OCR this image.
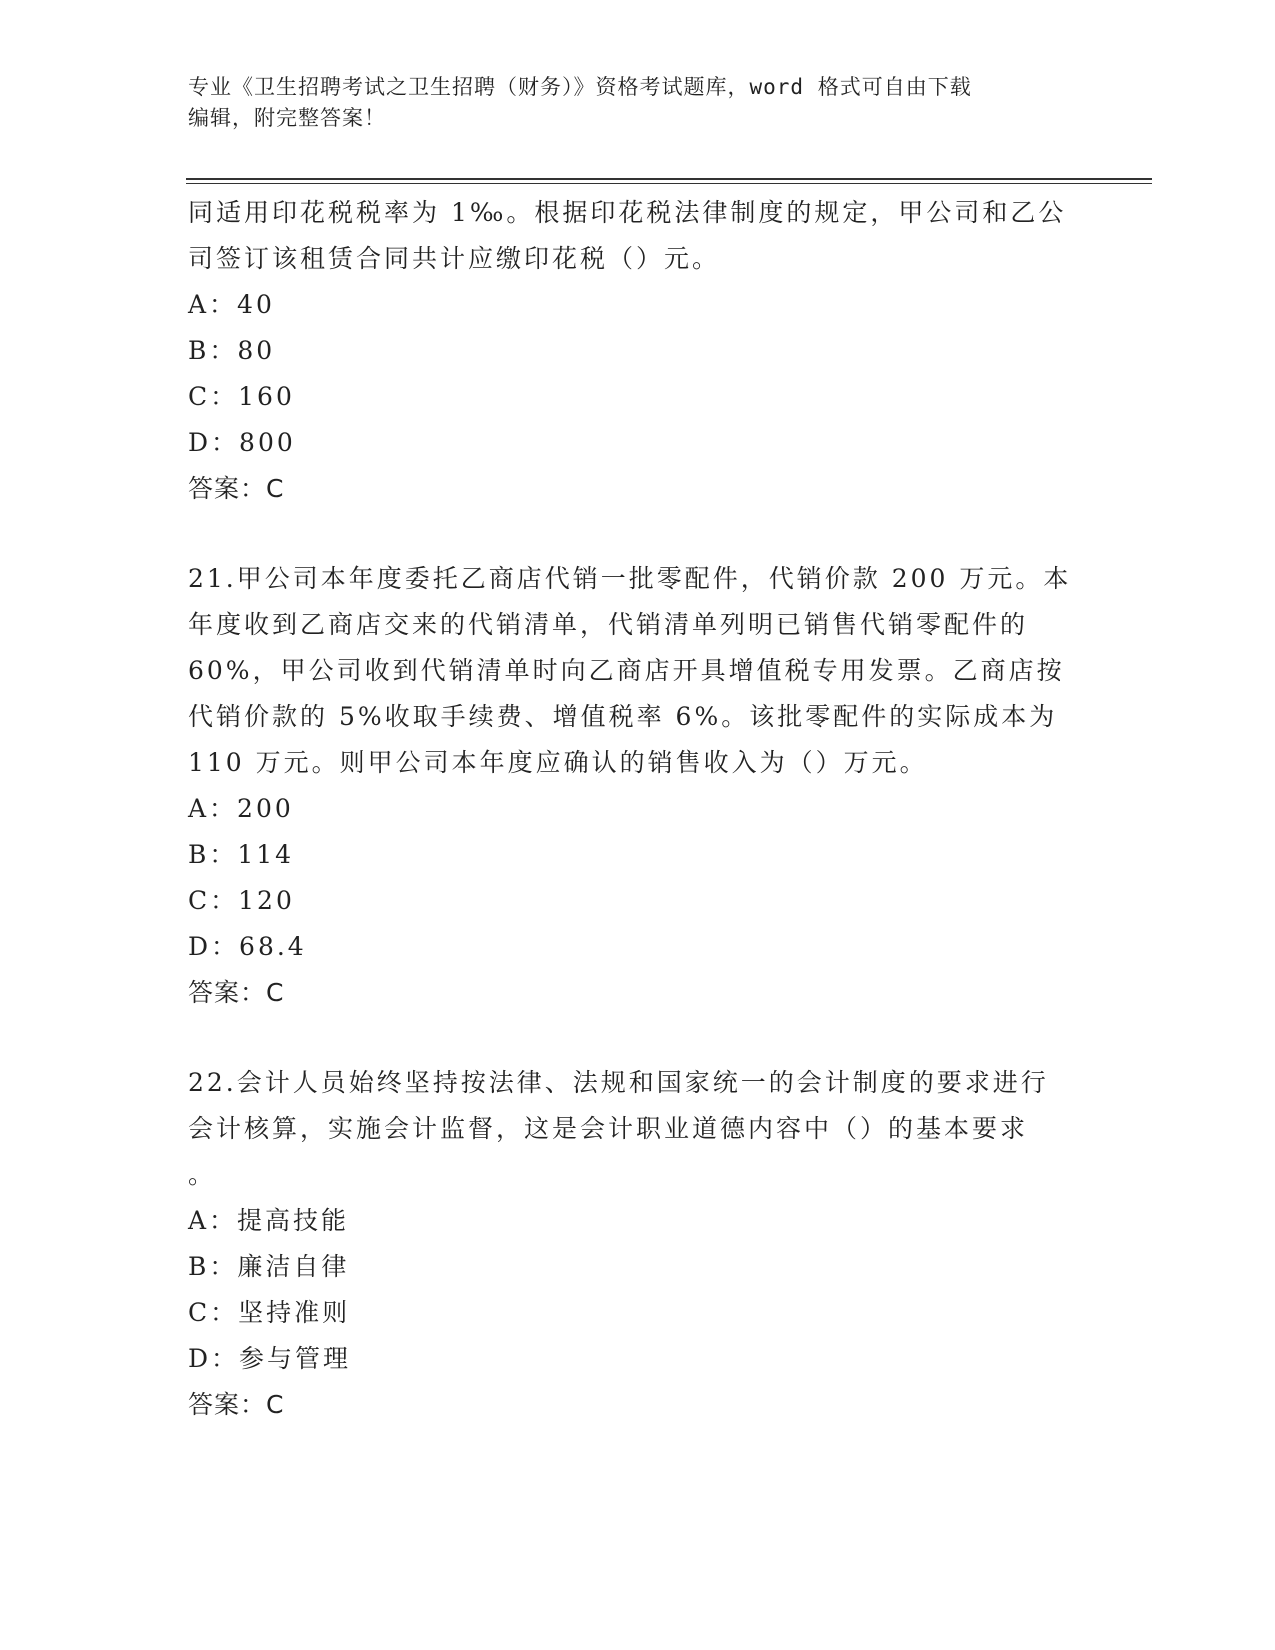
专业《卫生招聘考试之卫生招聘（财务）》资格考试题库，word 格式可自由下载
编辑，附完整答案！
同适用印花税税率为 1‰。根据印花税法律制度的规定，甲公司和乙公
司签订该租赁合同共计应缴印花税（）元。
A：40
B：80
C：160
D：800
答案：C
21.甲公司本年度委托乙商店代销一批零配件，代销价款 200 万元。本
年度收到乙商店交来的代销清单，代销清单列明已销售代销零配件的
60%，甲公司收到代销清单时向乙商店开具增值税专用发票。乙商店按
代销价款的 5%收取手续费、增值税率 6%。该批零配件的实际成本为
110 万元。则甲公司本年度应确认的销售收入为（）万元。
A：200
B：114
C：120
D：68.4
答案：C
22.会计人员始终坚持按法律、法规和国家统一的会计制度的要求进行
会计核算，实施会计监督，这是会计职业道德内容中（）的基本要求
。
A：提高技能
B：廉洁自律
C：坚持准则
D：参与管理
答案：C
